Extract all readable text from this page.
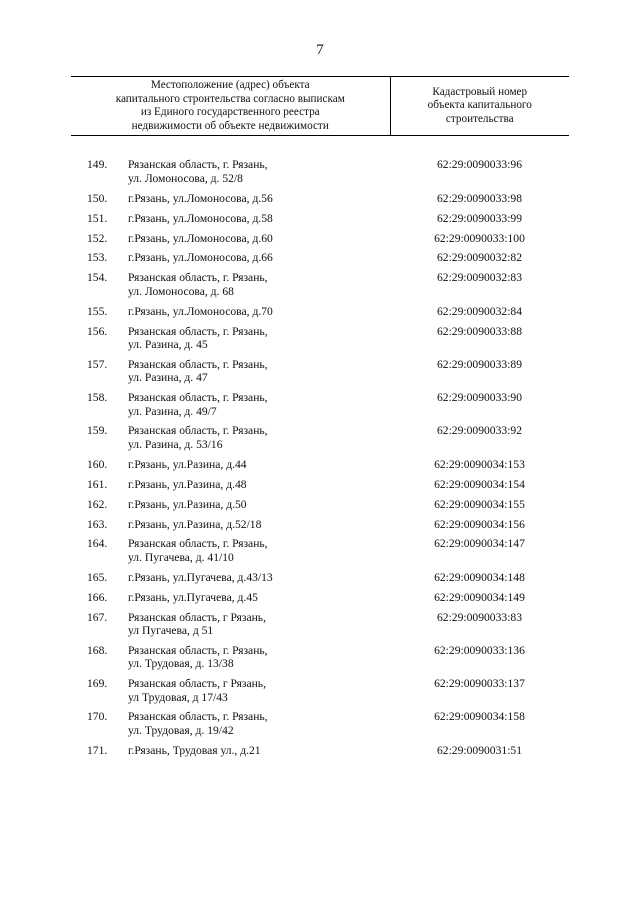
7
Местоположение (адрес) объекта
капитального строительства согласно выпискам
из Единого государственного реестра
недвижимости об объекте недвижимости		Кадастровый номер
объекта капитального
строительства
149.	Рязанская область, г. Рязань,
ул. Ломоносова, д. 52/8	62:29:0090033:96
150.	г.Рязань, ул.Ломоносова, д.56	62:29:0090033:98
151.	г.Рязань, ул.Ломоносова, д.58	62:29:0090033:99
152.	г.Рязань, ул.Ломоносова, д.60	62:29:0090033:100
153.	г.Рязань, ул.Ломоносова, д.66	62:29:0090032:82
154.	Рязанская область, г. Рязань,
ул. Ломоносова, д. 68	62:29:0090032:83
155.	г.Рязань, ул.Ломоносова, д.70	62:29:0090032:84
156.	Рязанская область, г. Рязань,
ул. Разина, д. 45	62:29:0090033:88
157.	Рязанская область, г. Рязань,
ул. Разина, д. 47	62:29:0090033:89
158.	Рязанская область, г. Рязань,
ул. Разина, д. 49/7	62:29:0090033:90
159.	Рязанская область, г. Рязань,
ул. Разина, д. 53/16	62:29:0090033:92
160.	г.Рязань, ул.Разина, д.44	62:29:0090034:153
161.	г.Рязань, ул.Разина, д.48	62:29:0090034:154
162.	г.Рязань, ул.Разина, д.50	62:29:0090034:155
163.	г.Рязань, ул.Разина, д.52/18	62:29:0090034:156
164.	Рязанская область, г. Рязань,
ул. Пугачева, д. 41/10	62:29:0090034:147
165.	г.Рязань, ул.Пугачева, д.43/13	62:29:0090034:148
166.	г.Рязань, ул.Пугачева, д.45	62:29:0090034:149
167.	Рязанская область, г Рязань,
ул Пугачева, д 51	62:29:0090033:83
168.	Рязанская область, г. Рязань,
ул. Трудовая, д. 13/38	62:29:0090033:136
169.	Рязанская область, г Рязань,
ул Трудовая, д 17/43	62:29:0090033:137
170.	Рязанская область, г. Рязань,
ул. Трудовая, д. 19/42	62:29:0090034:158
171.	г.Рязань, Трудовая ул., д.21	62:29:0090031:51
